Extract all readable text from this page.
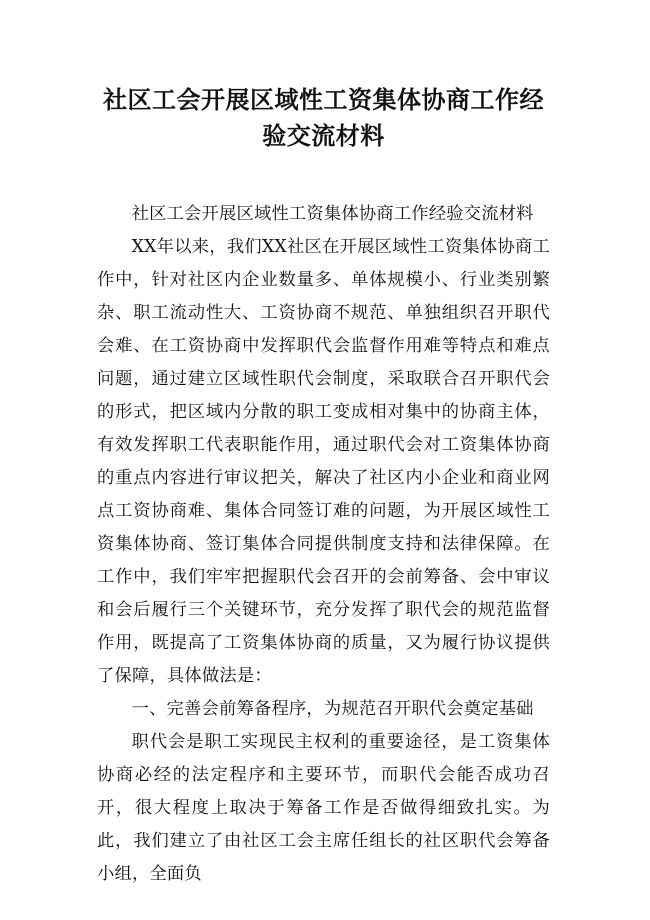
社区工会开展区域性工资集体协商工作经
验交流材料

社区工会开展区域性工资集体协商工作经验交流材料

XX年以来，我们XX社区在开展区域性工资集体协商工作中，针对社区内企业数量多、单体规模小、行业类别繁杂、职工流动性大、工资协商不规范、单独组织召开职代会难、在工资协商中发挥职代会监督作用难等特点和难点问题，通过建立区域性职代会制度，采取联合召开职代会的形式，把区域内分散的职工变成相对集中的协商主体，有效发挥职工代表职能作用，通过职代会对工资集体协商的重点内容进行审议把关，解决了社区内小企业和商业网点工资协商难、集体合同签订难的问题，为开展区域性工资集体协商、签订集体合同提供制度支持和法律保障。在工作中，我们牢牢把握职代会召开的会前筹备、会中审议和会后履行三个关键环节，充分发挥了职代会的规范监督作用，既提高了工资集体协商的质量，又为履行协议提供了保障，具体做法是：

一、完善会前筹备程序，为规范召开职代会奠定基础

职代会是职工实现民主权利的重要途径，是工资集体协商必经的法定程序和主要环节，而职代会能否成功召开，很大程度上取决于筹备工作是否做得细致扎实。为此，我们建立了由社区工会主席任组长的社区职代会筹备小组，全面负
